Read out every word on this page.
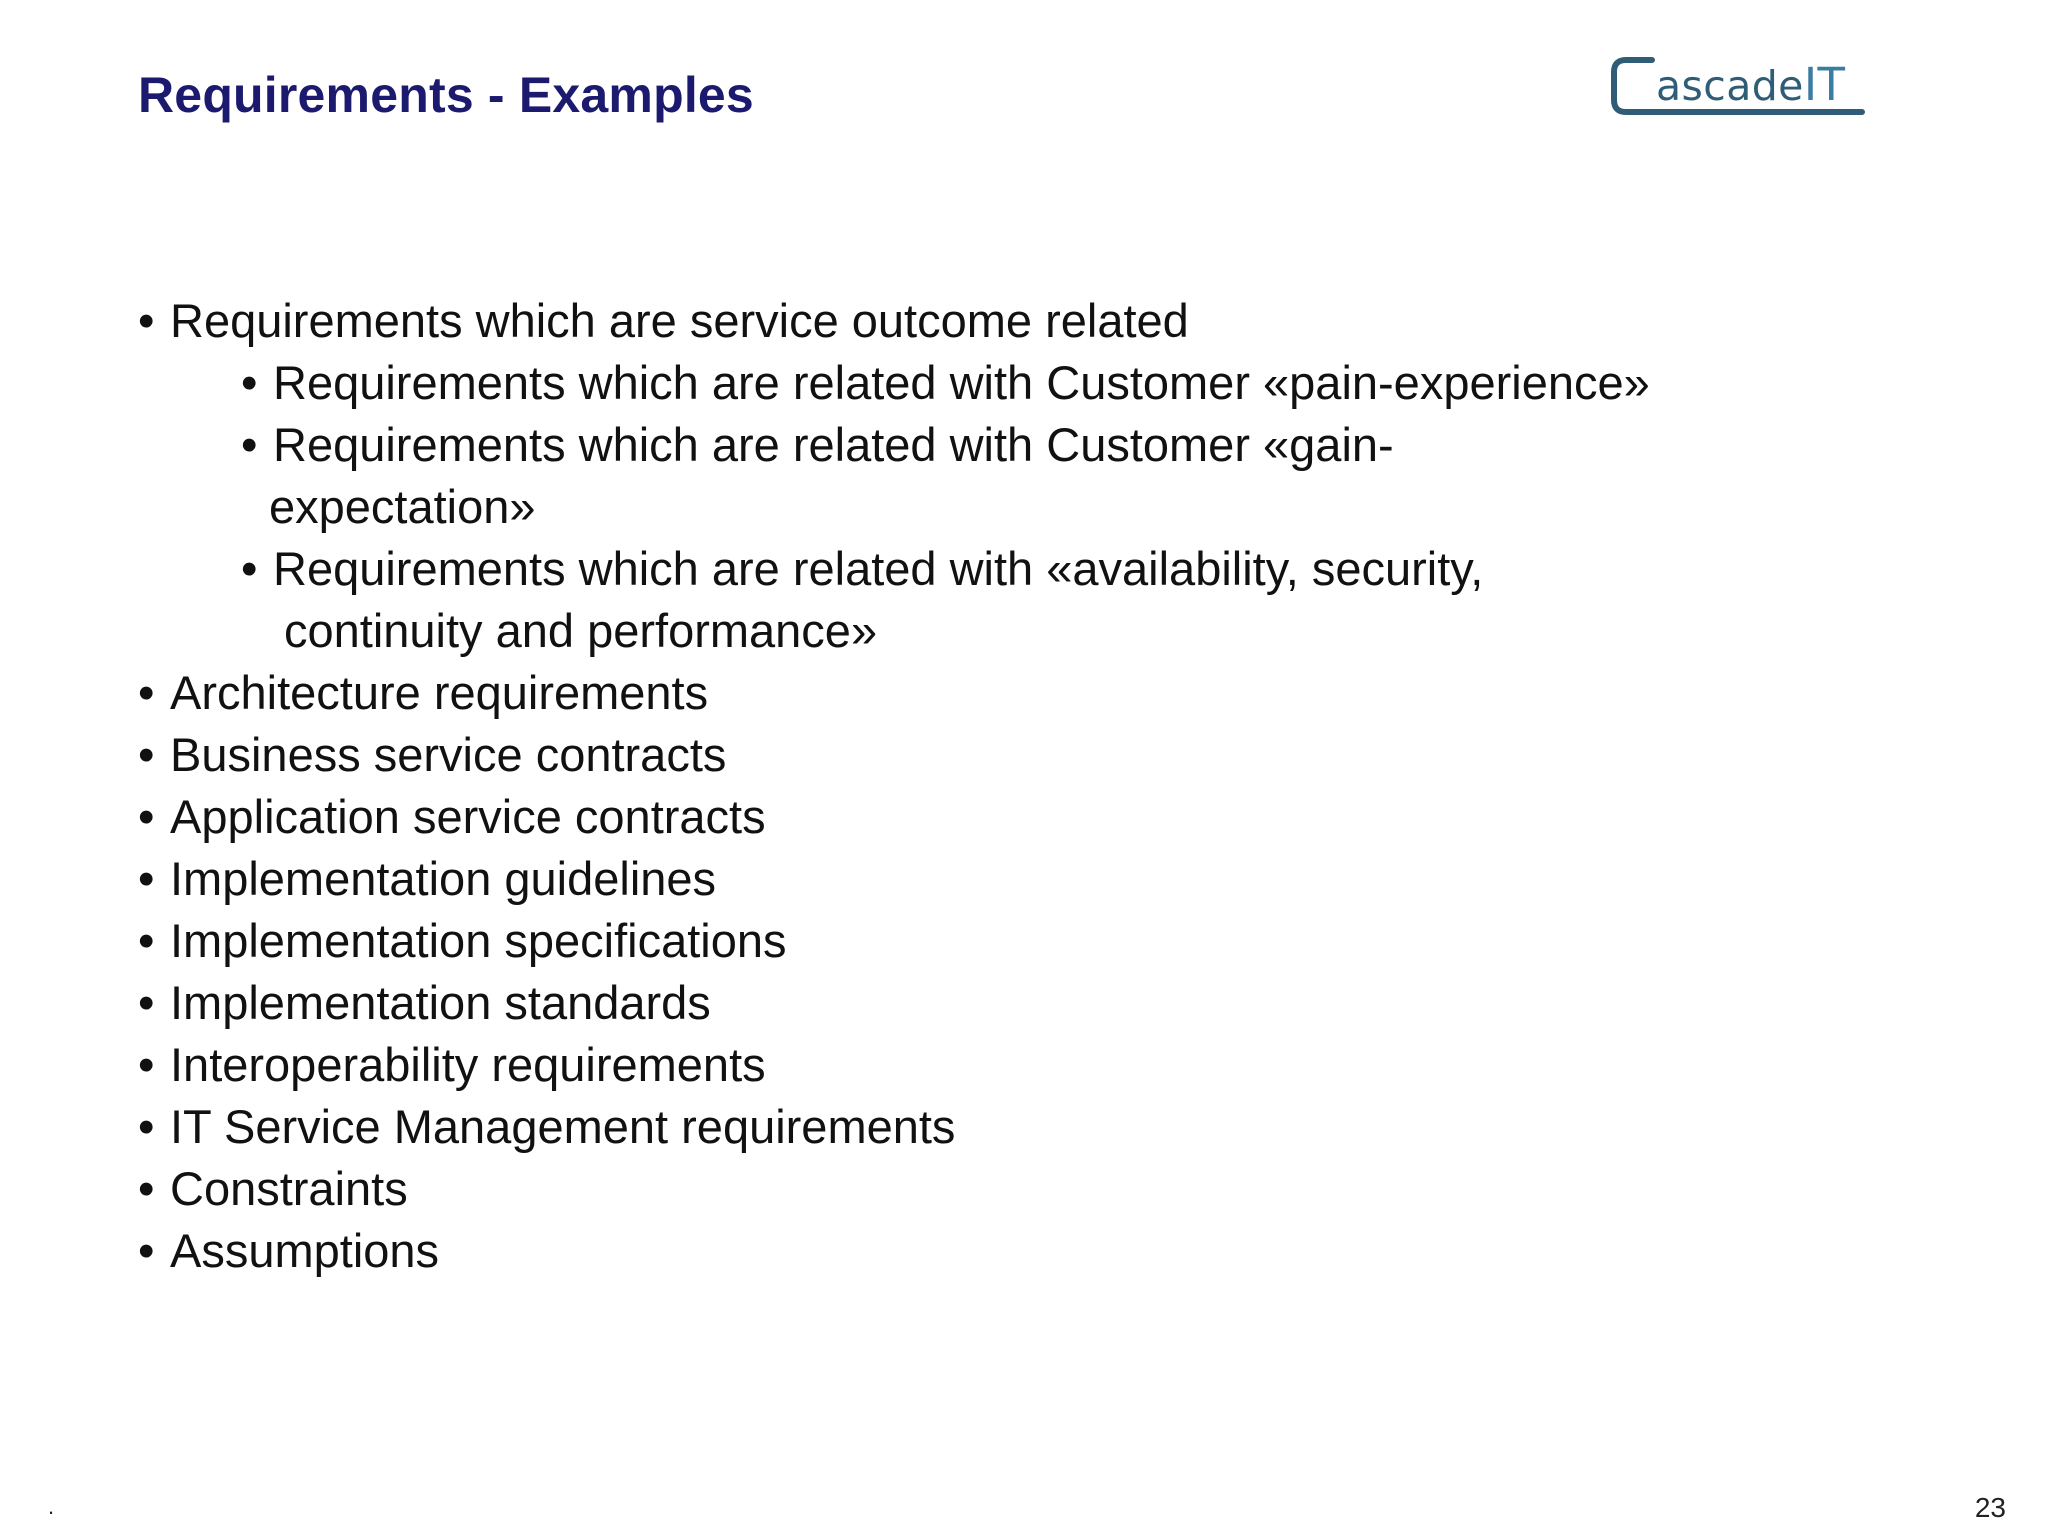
Requirements - Examples	ascadeIT
• Requirements which are service outcome related
• Requirements which are related with Customer «pain-experience»
• Requirements which are related with Customer «gain-
expectation»
• Requirements which are related with «availability, security,
continuity and performance»
• Architecture requirements
• Business service contracts
• Application service contracts
• Implementation guidelines
• Implementation specifications
• Implementation standards
• Interoperability requirements
• IT Service Management requirements
• Constraints
• Assumptions
.	23
